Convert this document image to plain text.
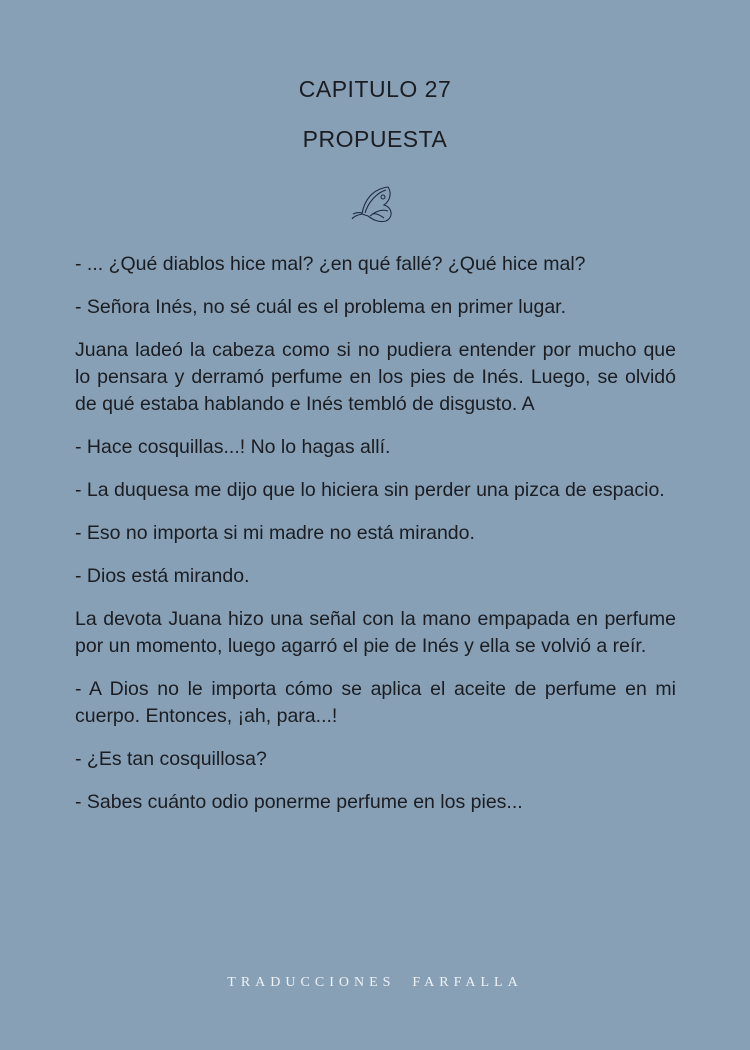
CAPITULO 27
PROPUESTA

- ... ¿Qué diablos hice mal? ¿en qué fallé? ¿Qué hice mal?

- Señora Inés, no sé cuál es el problema en primer lugar.

Juana ladeó la cabeza como si no pudiera entender por mucho que lo pensara y derramó perfume en los pies de Inés. Luego, se olvidó de qué estaba hablando e Inés tembló de disgusto. A

- Hace cosquillas...! No lo hagas allí.

- La duquesa me dijo que lo hiciera sin perder una pizca de espacio.

- Eso no importa si mi madre no está mirando.

- Dios está mirando.

La devota Juana hizo una señal con la mano empapada en perfume por un momento, luego agarró el pie de Inés y ella se volvió a reír.

- A Dios no le importa cómo se aplica el aceite de perfume en mi cuerpo. Entonces, ¡ah, para...!

- ¿Es tan cosquillosa?

- Sabes cuánto odio ponerme perfume en los pies...

TRADUCCIONES  FARFALLA
